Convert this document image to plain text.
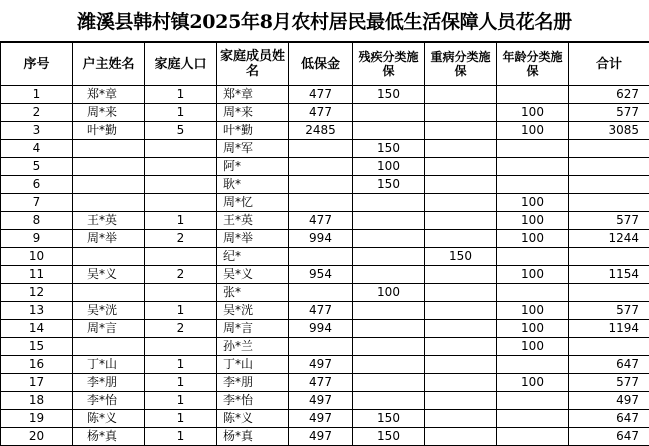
潍溪县韩村镇2025年8月农村居民最低生活保障人员花名册
序号	户主姓名	家庭人口	家庭成员姓名	低保金	残疾分类施保	重病分类施保	年龄分类施保	合计
1	郑*章	1	郑*章	477	150			627
2	周*来	1	周*来	477			100	577
3	叶*勤	5	叶*勤	2485			100	3085
4			周*军		150			
5			阿*		100			
6			耿*		150			
7			周*忆				100	
8	王*英	1	王*英	477			100	577
9	周*举	2	周*举	994			100	1244
10			纪*			150		
11	吴*义	2	吴*义	954			100	1154
12			张*		100			
13	吴*洸	1	吴*洸	477			100	577
14	周*言	2	周*言	994			100	1194
15			孙*兰				100	
16	丁*山	1	丁*山	497				647
17	李*朋	1	李*朋	477			100	577
18	李*怡	1	李*怡	497				497
19	陈*义	1	陈*义	497	150			647
20	杨*真	1	杨*真	497	150			647
